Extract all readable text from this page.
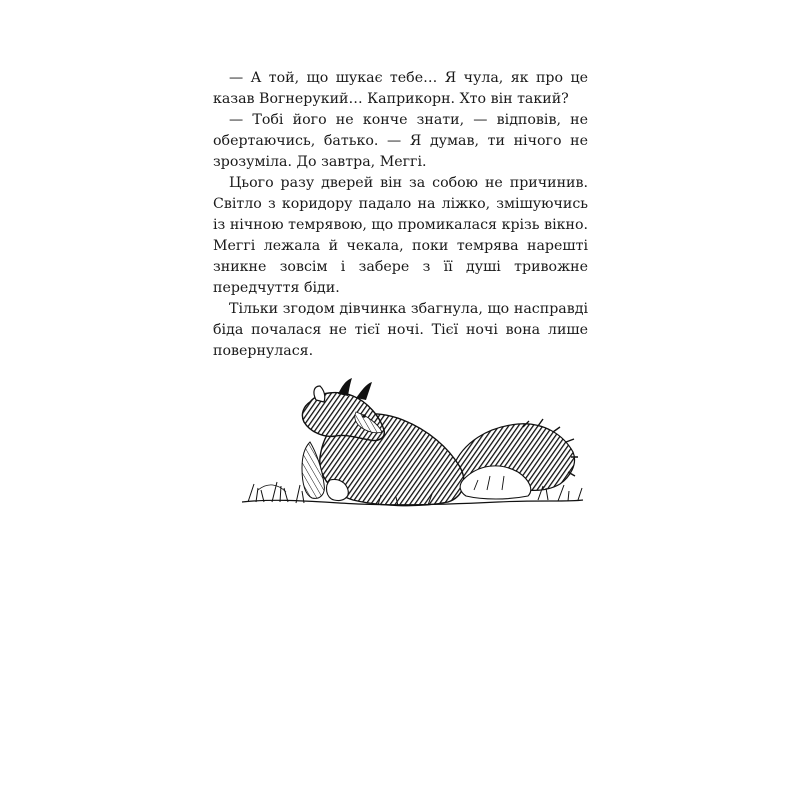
— А той, що шукає тебе… Я чула, як про це казав Вогнерукий… Каприкорн. Хто він такий?

— Тобі його не конче знати, — відповів, не обертаючись, батько. — Я думав, ти нічого не зрозуміла. До завтра, Меггі.

Цього разу дверей він за собою не причинив. Світло з коридору падало на ліжко, змішуючись із нічною темрявою, що промикалася крізь вікно. Меггі лежала й чекала, поки темрява нарешті зникне зовсім і забере з її душі тривожне передчуття біди.

Тільки згодом дівчинка збагнула, що насправді біда почалася не тієї ночі. Тієї ночі вона лише повернулася.
